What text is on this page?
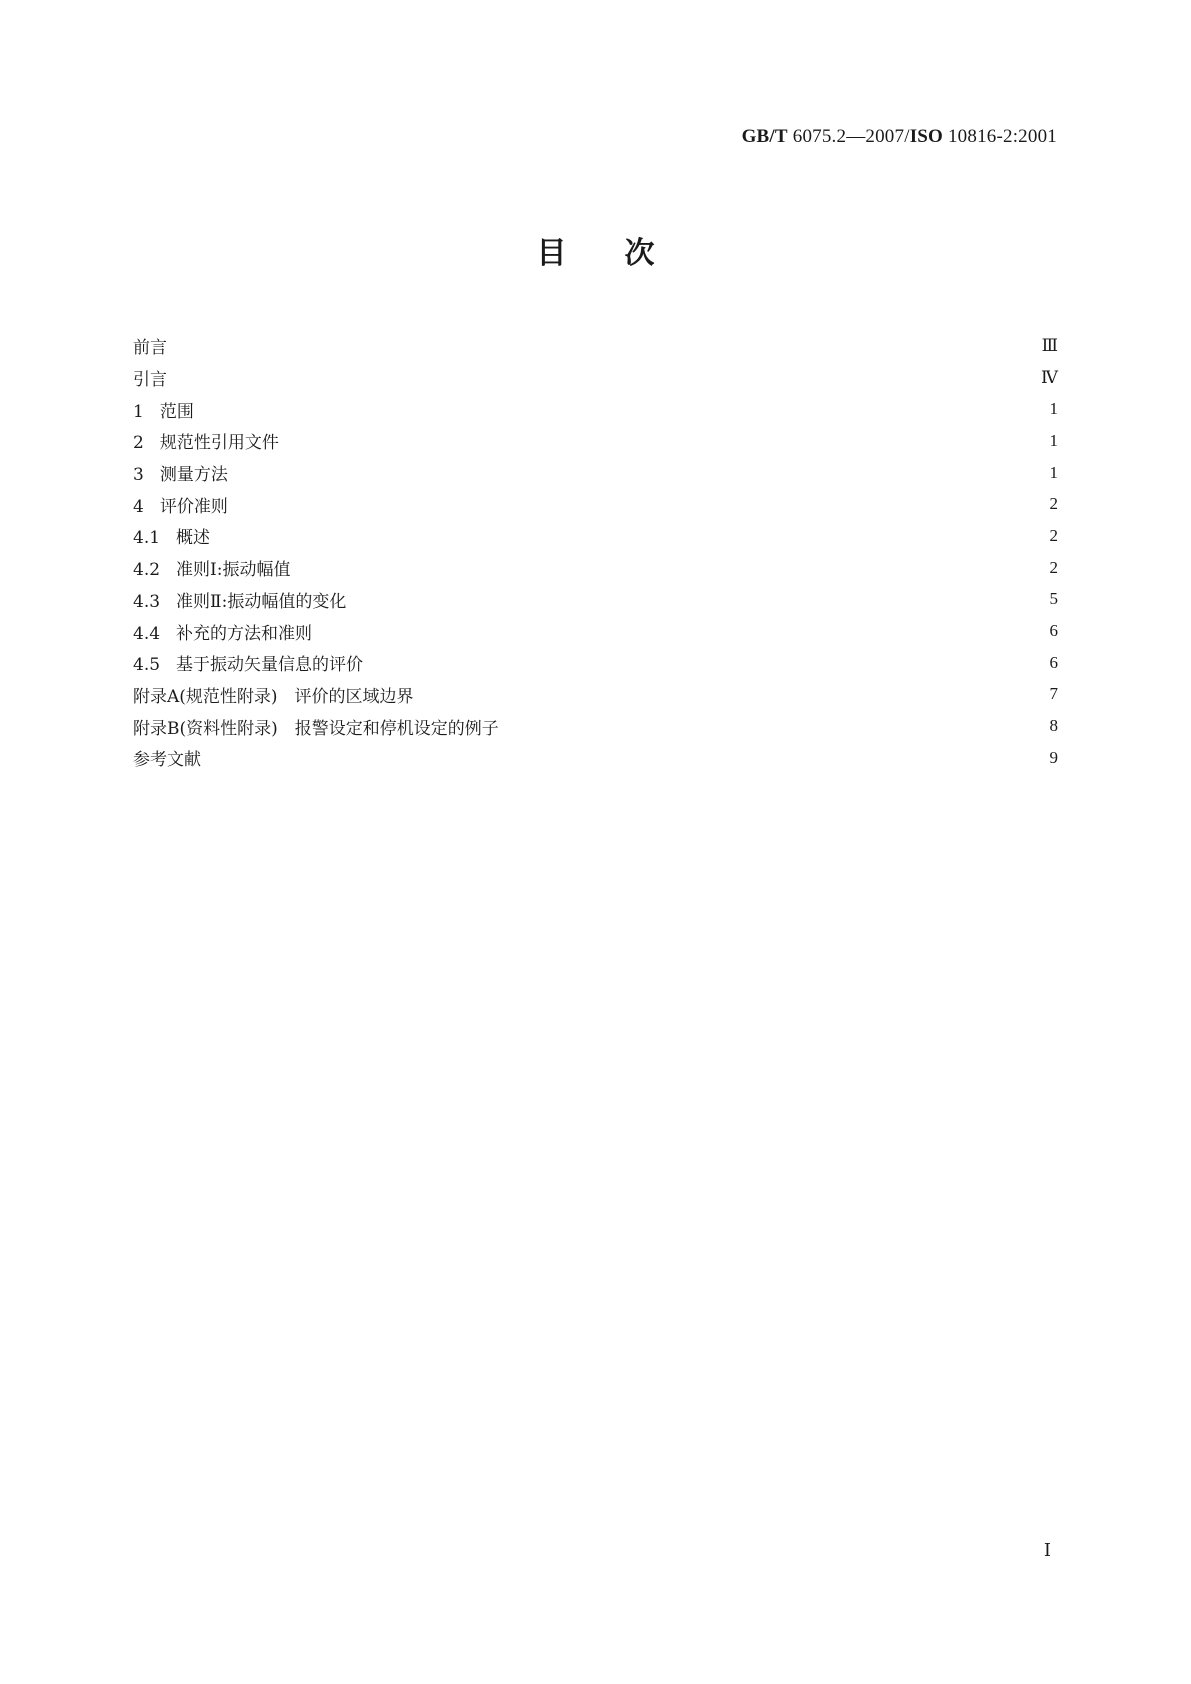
GB/T 6075.2—2007/ISO 10816-2:2001
目 次
前言	Ⅲ
引言	Ⅳ
1 范围	1
2 规范性引用文件	1
3 测量方法	1
4 评价准则	2
4.1 概述	2
4.2 准则Ⅰ:振动幅值	2
4.3 准则Ⅱ:振动幅值的变化	5
4.4 补充的方法和准则	6
4.5 基于振动矢量信息的评价	6
附录A(规范性附录)　评价的区域边界	7
附录B(资料性附录)　报警设定和停机设定的例子	8
参考文献	9
Ⅰ
